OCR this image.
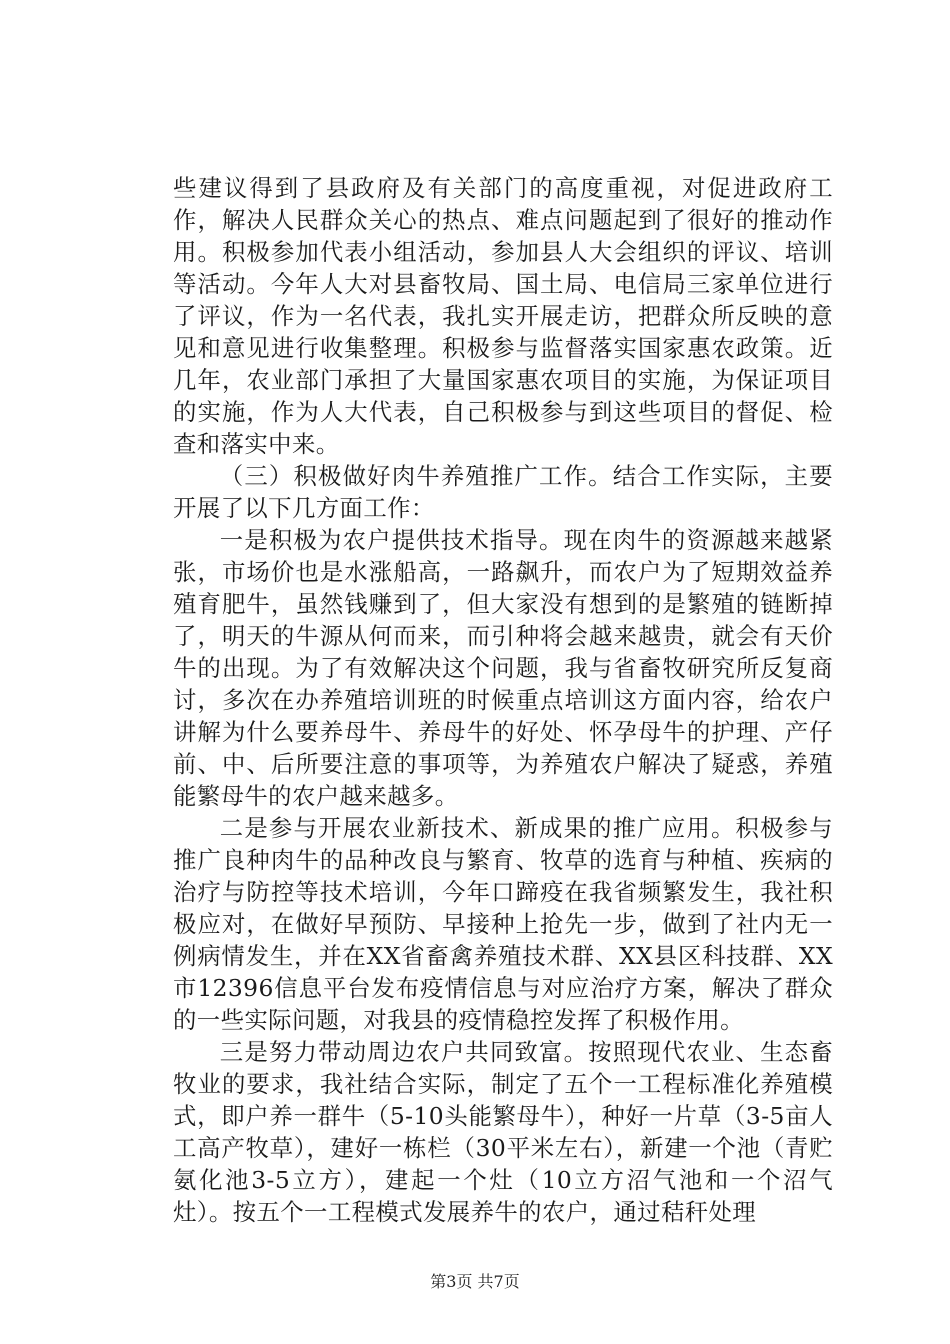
些建议得到了县政府及有关部门的高度重视，对促进政府工作，解决人民群众关心的热点、难点问题起到了很好的推动作用。积极参加代表小组活动，参加县人大会组织的评议、培训等活动。今年人大对县畜牧局、国土局、电信局三家单位进行了评议，作为一名代表，我扎实开展走访，把群众所反映的意见和意见进行收集整理。积极参与监督落实国家惠农政策。近几年，农业部门承担了大量国家惠农项目的实施，为保证项目的实施，作为人大代表，自己积极参与到这些项目的督促、检查和落实中来。

（三）积极做好肉牛养殖推广工作。结合工作实际，主要开展了以下几方面工作：

一是积极为农户提供技术指导。现在肉牛的资源越来越紧张，市场价也是水涨船高，一路飙升，而农户为了短期效益养殖育肥牛，虽然钱赚到了，但大家没有想到的是繁殖的链断掉了，明天的牛源从何而来，而引种将会越来越贵，就会有天价牛的出现。为了有效解决这个问题，我与省畜牧研究所反复商讨，多次在办养殖培训班的时候重点培训这方面内容，给农户讲解为什么要养母牛、养母牛的好处、怀孕母牛的护理、产仔前、中、后所要注意的事项等，为养殖农户解决了疑惑，养殖能繁母牛的农户越来越多。

二是参与开展农业新技术、新成果的推广应用。积极参与推广良种肉牛的品种改良与繁育、牧草的选育与种植、疾病的治疗与防控等技术培训，今年口蹄疫在我省频繁发生，我社积极应对，在做好早预防、早接种上抢先一步，做到了社内无一例病情发生，并在XX省畜禽养殖技术群、XX县区科技群、XX市12396信息平台发布疫情信息与对应治疗方案，解决了群众的一些实际问题，对我县的疫情稳控发挥了积极作用。

三是努力带动周边农户共同致富。按照现代农业、生态畜牧业的要求，我社结合实际，制定了五个一工程标准化养殖模式，即户养一群牛（5-10头能繁母牛），种好一片草（3-5亩人工高产牧草），建好一栋栏（30平米左右），新建一个池（青贮氨化池3-5立方），建起一个灶（10立方沼气池和一个沼气灶）。按五个一工程模式发展养牛的农户，通过秸秆处理

第3页 共7页
